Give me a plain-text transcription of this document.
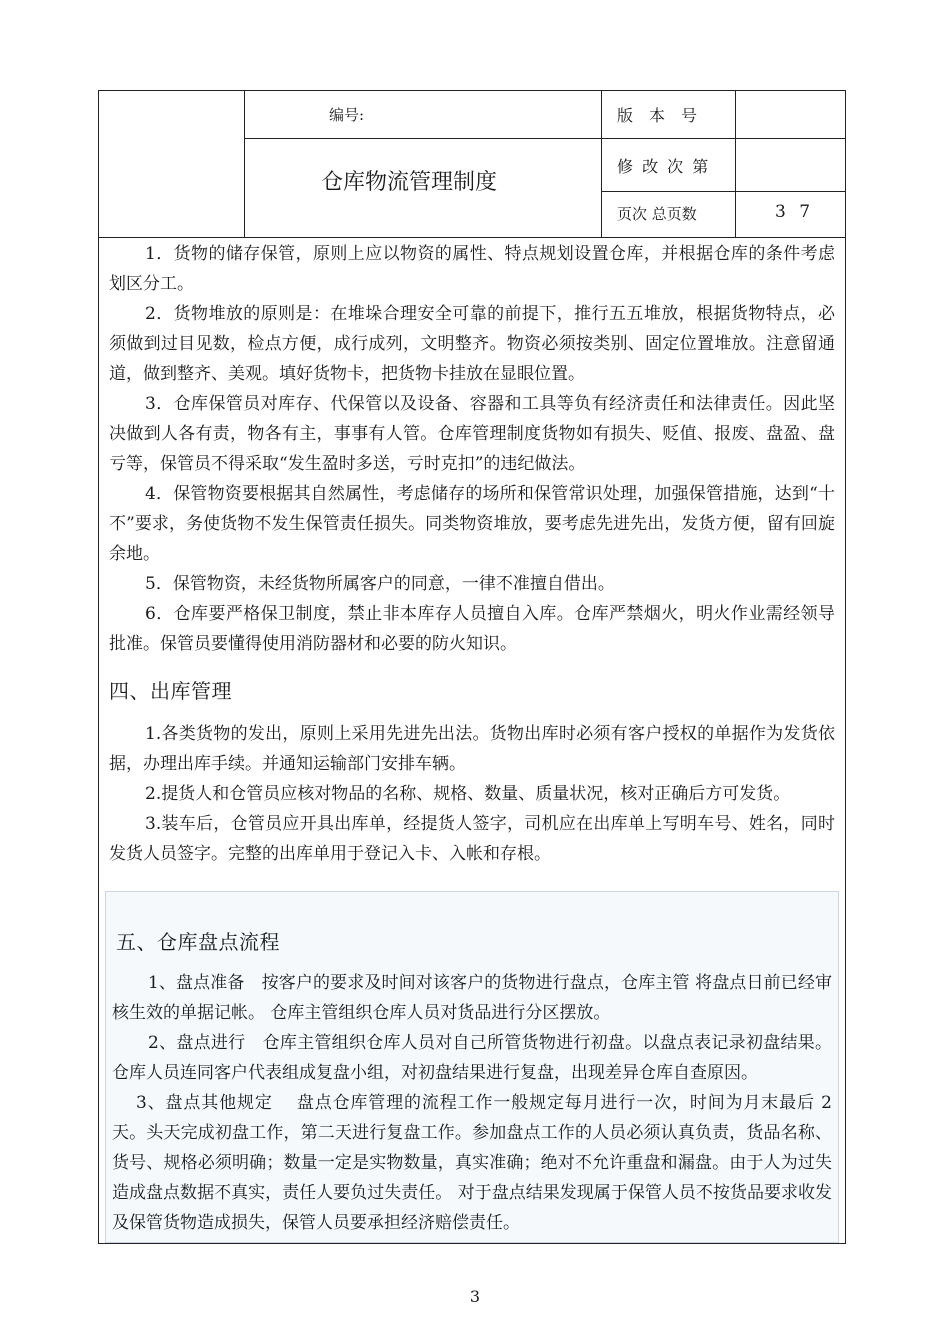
编号:
仓库物流管理制度
版　本　号
修 改 次 第
页次 总页数	3 7

1．货物的储存保管，原则上应以物资的属性、特点规划设置仓库，并根据仓库的条件考虑划区分工。

2．货物堆放的原则是：在堆垛合理安全可靠的前提下，推行五五堆放，根据货物特点，必须做到过目见数，检点方便，成行成列，文明整齐。物资必须按类别、固定位置堆放。注意留通道，做到整齐、美观。填好货物卡，把货物卡挂放在显眼位置。

3．仓库保管员对库存、代保管以及设备、容器和工具等负有经济责任和法律责任。因此坚决做到人各有责，物各有主，事事有人管。仓库管理制度货物如有损失、贬值、报废、盘盈、盘亏等，保管员不得采取“发生盈时多送，亏时克扣”的违纪做法。

4．保管物资要根据其自然属性，考虑储存的场所和保管常识处理，加强保管措施，达到“十不”要求，务使货物不发生保管责任损失。同类物资堆放，要考虑先进先出，发货方便，留有回旋余地。

5．保管物资，未经货物所属客户的同意，一律不准擅自借出。

6．仓库要严格保卫制度，禁止非本库存人员擅自入库。仓库严禁烟火，明火作业需经领导批准。保管员要懂得使用消防器材和必要的防火知识。

四、出库管理

1.各类货物的发出，原则上采用先进先出法。货物出库时必须有客户授权的单据作为发货依据，办理出库手续。并通知运输部门安排车辆。

2.提货人和仓管员应核对物品的名称、规格、数量、质量状况，核对正确后方可发货。

3.装车后，仓管员应开具出库单，经提货人签字，司机应在出库单上写明车号、姓名，同时发货人员签字。完整的出库单用于登记入卡、入帐和存根。

五、仓库盘点流程

1、盘点准备　按客户的要求及时间对该客户的货物进行盘点，仓库主管 将盘点日前已经审核生效的单据记帐。 仓库主管组织仓库人员对货品进行分区摆放。

2、盘点进行　仓库主管组织仓库人员对自己所管货物进行初盘。以盘点表记录初盘结果。仓库人员连同客户代表组成复盘小组，对初盘结果进行复盘，出现差异仓库自查原因。

3、盘点其他规定　 盘点仓库管理的流程工作一般规定每月进行一次，时间为月末最后 2 天。头天完成初盘工作，第二天进行复盘工作。参加盘点工作的人员必须认真负责，货品名称、货号、规格必须明确；数量一定是实物数量，真实准确；绝对不允许重盘和漏盘。由于人为过失造成盘点数据不真实，责任人要负过失责任。 对于盘点结果发现属于保管人员不按货品要求收发及保管货物造成损失，保管人员要承担经济赔偿责任。

3
